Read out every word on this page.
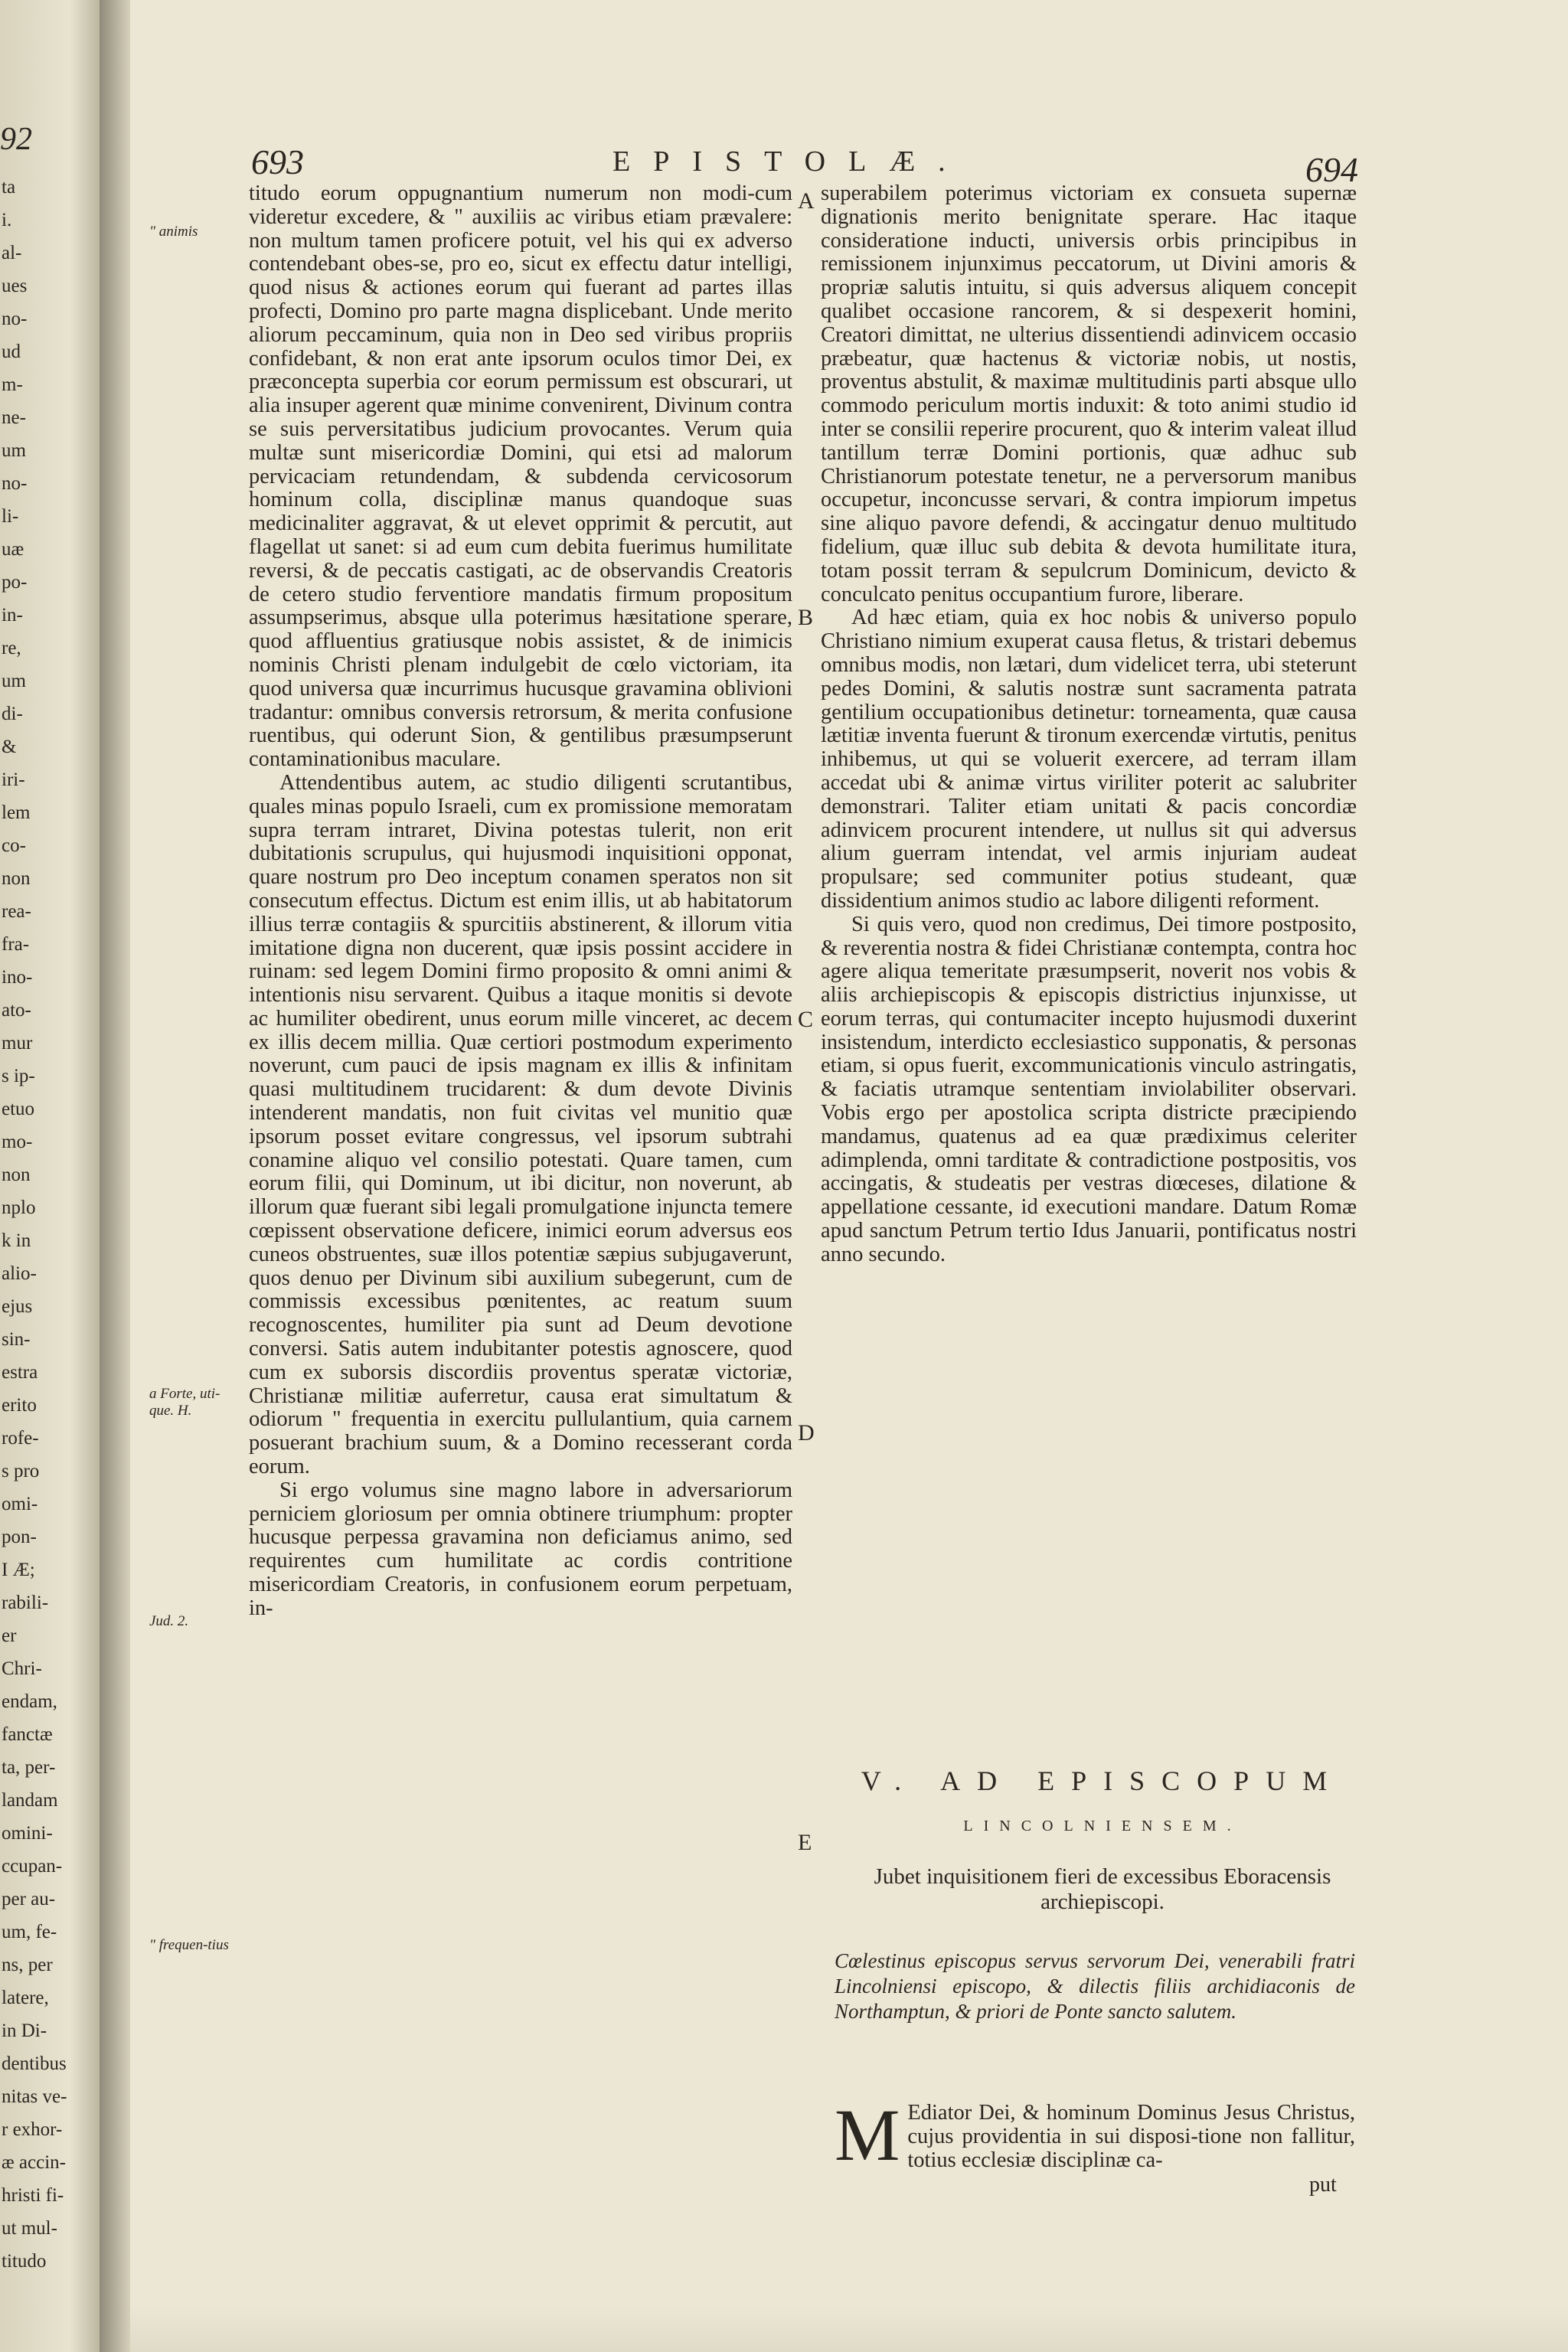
92
ta
i.
al-
ues
no-
ud
m-
ne-
um
no-
li-
uæ
po-
in-
re,
um
di-
&
iri-
lem
co-
non
rea-
fra-
ino-
ato-
mur
s ip-
etuo
mo-
non
nplo
k in
alio-
ejus
sin-
estra
erito
rofe-
s pro
omi-
pon-
I Æ;
rabili-
er
Chri-
endam,
fanctæ
ta, per-
landam
omini-
ccupan-
per au-
um, fe-
ns, per
latere,
in Di-
dentibus
nitas ve-
r exhor-
æ accin-
hristi fi-
ut mul-
titudo
693	EPISTOLÆ.	694
" animis
a Forte, uti-que. H.
Jud. 2.
" frequen-tius
A
B
C
D
E

titudo eorum oppugnantium numerum non modi-cum videretur excedere, & " auxiliis ac viribus etiam prævalere: non multum tamen proficere potuit, vel his qui ex adverso contendebant obes-se, pro eo, sicut ex effectu datur intelligi, quod nisus & actiones eorum qui fuerant ad partes illas profecti, Domino pro parte magna displicebant. Unde merito aliorum peccaminum, quia non in Deo sed viribus propriis confidebant, & non erat ante ipsorum oculos timor Dei, ex præconcepta superbia cor eorum permissum est obscurari, ut alia insuper agerent quæ minime convenirent, Divinum contra se suis perversitatibus judicium provocantes. Verum quia multæ sunt misericordiæ Domini, qui etsi ad malorum pervicaciam retundendam, & subdenda cervicosorum hominum colla, disciplinæ manus quandoque suas medicinaliter aggravat, & ut elevet opprimit & percutit, aut flagellat ut sanet: si ad eum cum debita fuerimus humilitate reversi, & de peccatis castigati, ac de observandis Creatoris de cetero studio ferventiore mandatis firmum propositum assumpserimus, absque ulla poterimus hæsitatione sperare, quod affluentius gratiusque nobis assistet, & de inimicis nominis Christi plenam indulgebit de cœlo victoriam, ita quod universa quæ incurrimus hucusque gravamina oblivioni tradantur: omnibus conversis retrorsum, & merita confusione ruentibus, qui oderunt Sion, & gentilibus præsumpserunt contaminationibus maculare.

Attendentibus autem, ac studio diligenti scrutantibus, quales minas populo Israeli, cum ex promissione memoratam supra terram intraret, Divina potestas tulerit, non erit dubitationis scrupulus, qui hujusmodi inquisitioni opponat, quare nostrum pro Deo inceptum conamen speratos non sit consecutum effectus. Dictum est enim illis, ut ab habitatorum illius terræ contagiis & spurcitiis abstinerent, & illorum vitia imitatione digna non ducerent, quæ ipsis possint accidere in ruinam: sed legem Domini firmo proposito & omni animi & intentionis nisu servarent. Quibus a itaque monitis si devote ac humiliter obedirent, unus eorum mille vinceret, ac decem ex illis decem millia. Quæ certiori postmodum experimento noverunt, cum pauci de ipsis magnam ex illis & infinitam quasi multitudinem trucidarent: & dum devote Divinis intenderent mandatis, non fuit civitas vel munitio quæ ipsorum posset evitare congressus, vel ipsorum subtrahi conamine aliquo vel consilio potestati. Quare tamen, cum eorum filii, qui Dominum, ut ibi dicitur, non noverunt, ab illorum quæ fuerant sibi legali promulgatione injuncta temere cœpissent observatione deficere, inimici eorum adversus eos cuneos obstruentes, suæ illos potentiæ sæpius subjugaverunt, quos denuo per Divinum sibi auxilium subegerunt, cum de commissis excessibus pœnitentes, ac reatum suum recognoscentes, humiliter pia sunt ad Deum devotione conversi. Satis autem indubitanter potestis agnoscere, quod cum ex suborsis discordiis proventus speratæ victoriæ, Christianæ militiæ auferretur, causa erat simultatum & odiorum " frequentia in exercitu pullulantium, quia carnem posuerant brachium suum, & a Domino recesserant corda eorum.

Si ergo volumus sine magno labore in adversariorum perniciem gloriosum per omnia obtinere triumphum: propter hucusque perpessa gravamina non deficiamus animo, sed requirentes cum humilitate ac cordis contritione misericordiam Creatoris, in confusionem eorum perpetuam, in-

superabilem poterimus victoriam ex consueta supernæ dignationis merito benignitate sperare. Hac itaque consideratione inducti, universis orbis principibus in remissionem injunximus peccatorum, ut Divini amoris & propriæ salutis intuitu, si quis adversus aliquem concepit qualibet occasione rancorem, & si despexerit homini, Creatori dimittat, ne ulterius dissentiendi adinvicem occasio præbeatur, quæ hactenus & victoriæ nobis, ut nostis, proventus abstulit, & maximæ multitudinis parti absque ullo commodo periculum mortis induxit: & toto animi studio id inter se consilii reperire procurent, quo & interim valeat illud tantillum terræ Domini portionis, quæ adhuc sub Christianorum potestate tenetur, ne a perversorum manibus occupetur, inconcusse servari, & contra impiorum impetus sine aliquo pavore defendi, & accingatur denuo multitudo fidelium, quæ illuc sub debita & devota humilitate itura, totam possit terram & sepulcrum Dominicum, devicto & conculcato penitus occupantium furore, liberare.

Ad hæc etiam, quia ex hoc nobis & universo populo Christiano nimium exuperat causa fletus, & tristari debemus omnibus modis, non lætari, dum videlicet terra, ubi steterunt pedes Domini, & salutis nostræ sunt sacramenta patrata gentilium occupationibus detinetur: torneamenta, quæ causa lætitiæ inventa fuerunt & tironum exercendæ virtutis, penitus inhibemus, ut qui se voluerit exercere, ad terram illam accedat ubi & animæ virtus viriliter poterit ac salubriter demonstrari. Taliter etiam unitati & pacis concordiæ adinvicem procurent intendere, ut nullus sit qui adversus alium guerram intendat, vel armis injuriam audeat propulsare; sed communiter potius studeant, quæ dissidentium animos studio ac labore diligenti reforment.

Si quis vero, quod non credimus, Dei timore postposito, & reverentia nostra & fidei Christianæ contempta, contra hoc agere aliqua temeritate præsumpserit, noverit nos vobis & aliis archiepiscopis & episcopis districtius injunxisse, ut eorum terras, qui contumaciter incepto hujusmodi duxerint insistendum, interdicto ecclesiastico supponatis, & personas etiam, si opus fuerit, excommunicationis vinculo astringatis, & faciatis utramque sententiam inviolabiliter observari. Vobis ergo per apostolica scripta districte præcipiendo mandamus, quatenus ad ea quæ prædiximus celeriter adimplenda, omni tarditate & contradictione postpositis, vos accingatis, & studeatis per vestras diœceses, dilatione & appellatione cessante, id executioni mandare. Datum Romæ apud sanctum Petrum tertio Idus Januarii, pontificatus nostri anno secundo.

V. AD EPISCOPUM
LINCOLNIENSEM.
Jubet inquisitionem fieri de excessibus Eboracensis archiepiscopi.
Cœlestinus episcopus servus servorum Dei, venerabili fratri Lincolniensi episcopo, & dilectis filiis archidiaconis de Northamptun, & priori de Ponte sancto salutem.
M Ediator Dei, & hominum Dominus Jesus Christus, cujus providentia in sui disposi-tione non fallitur, totius ecclesiæ disciplinæ ca-
put
